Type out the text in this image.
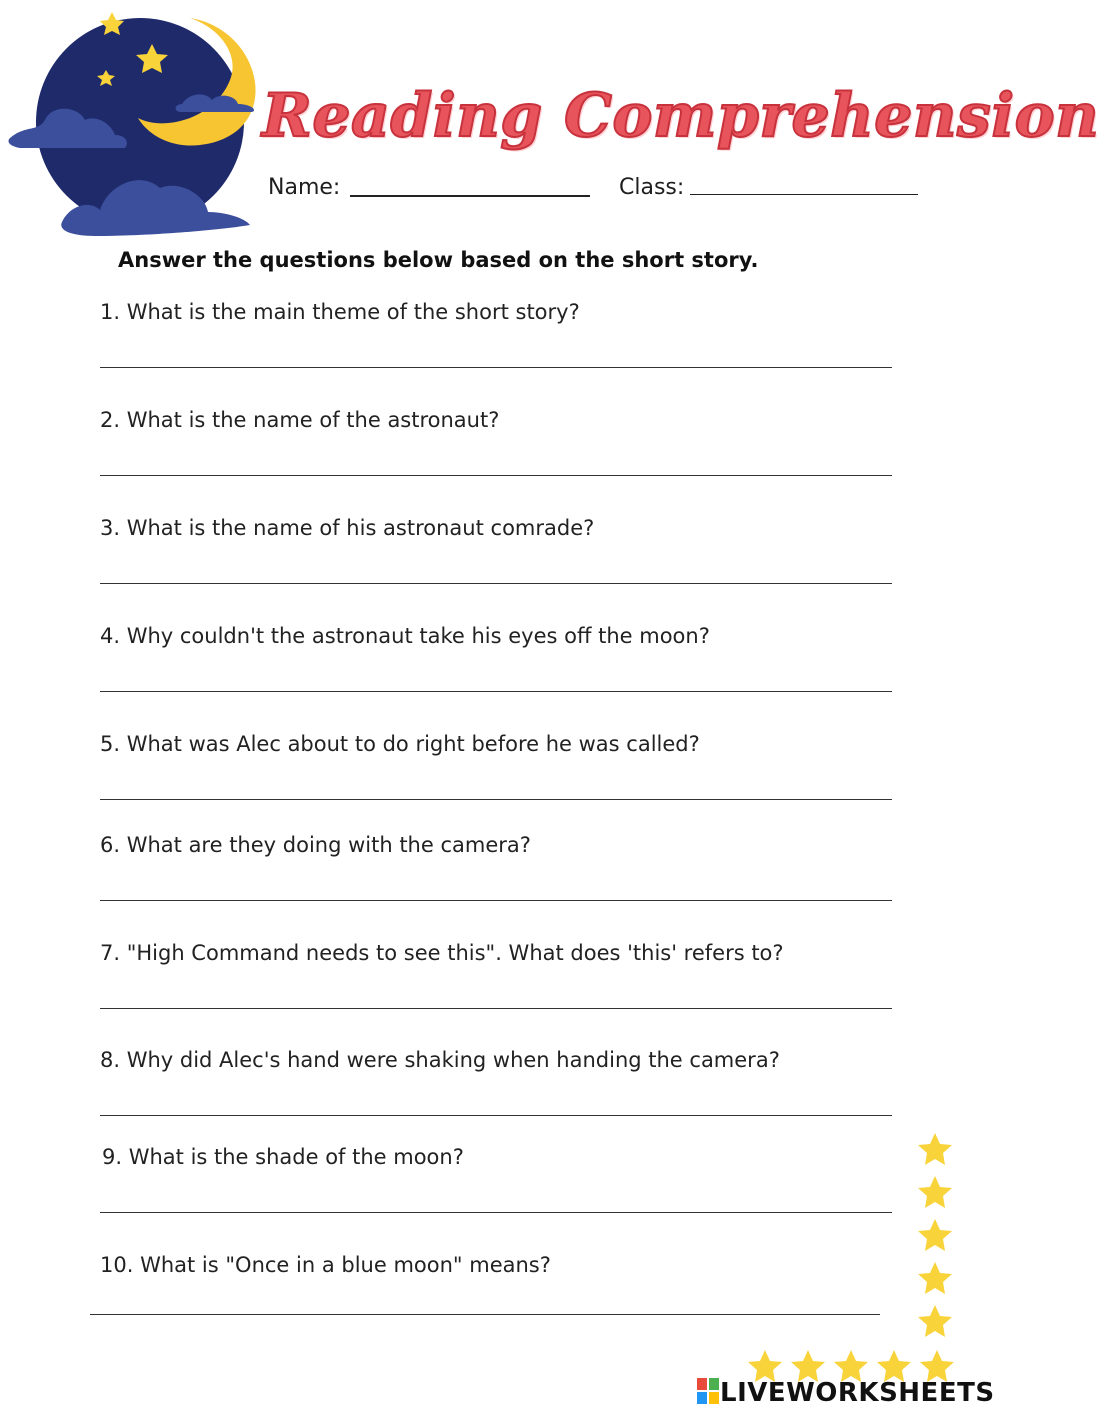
Reading Comprehension
Name:	Class:
Answer the questions below based on the short story.
1. What is the main theme of the short story?
2. What is the name of the astronaut?
3. What is the name of his astronaut comrade?
4. Why couldn't the astronaut take his eyes off the moon?
5. What was Alec about to do right before he was called?
6. What are they doing with the camera?
7. "High Command needs to see this". What does 'this' refers to?
8. Why did Alec's hand were shaking when handing the camera?
9. What is the shade of the moon?
10. What is "Once in a blue moon" means?
LIVEWORKSHEETS
